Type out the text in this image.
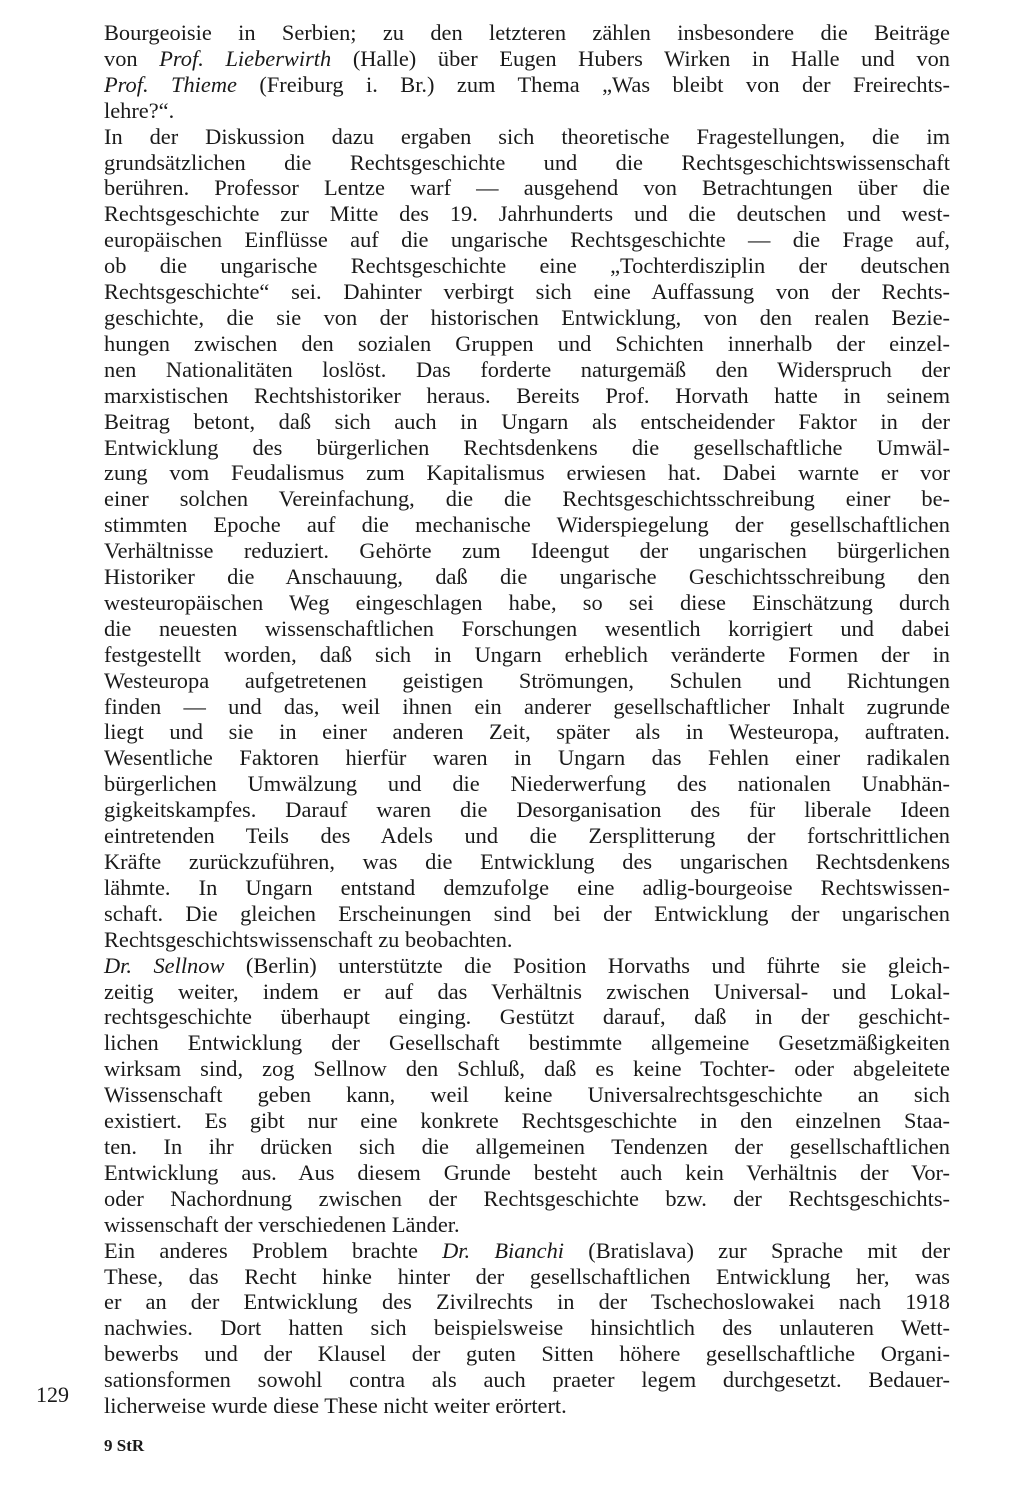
Bourgeoisie in Serbien; zu den letzteren zählen insbesondere die Beiträge
von Prof. Lieberwirth (Halle) über Eugen Hubers Wirken in Halle und von
Prof. Thieme (Freiburg i. Br.) zum Thema „Was bleibt von der Freirechts-
lehre?“.
In der Diskussion dazu ergaben sich theoretische Fragestellungen, die im
grundsätzlichen die Rechtsgeschichte und die Rechtsgeschichtswissenschaft
berühren. Professor Lentze warf — ausgehend von Betrachtungen über die
Rechtsgeschichte zur Mitte des 19. Jahrhunderts und die deutschen und west-
europäischen Einflüsse auf die ungarische Rechtsgeschichte — die Frage auf,
ob die ungarische Rechtsgeschichte eine „Tochterdisziplin der deutschen
Rechtsgeschichte“ sei. Dahinter verbirgt sich eine Auffassung von der Rechts-
geschichte, die sie von der historischen Entwicklung, von den realen Bezie-
hungen zwischen den sozialen Gruppen und Schichten innerhalb der einzel-
nen Nationalitäten loslöst. Das forderte naturgemäß den Widerspruch der
marxistischen Rechtshistoriker heraus. Bereits Prof. Horvath hatte in seinem
Beitrag betont, daß sich auch in Ungarn als entscheidender Faktor in der
Entwicklung des bürgerlichen Rechtsdenkens die gesellschaftliche Umwäl-
zung vom Feudalismus zum Kapitalismus erwiesen hat. Dabei warnte er vor
einer solchen Vereinfachung, die die Rechtsgeschichtsschreibung einer be-
stimmten Epoche auf die mechanische Widerspiegelung der gesellschaftlichen
Verhältnisse reduziert. Gehörte zum Ideengut der ungarischen bürgerlichen
Historiker die Anschauung, daß die ungarische Geschichtsschreibung den
westeuropäischen Weg eingeschlagen habe, so sei diese Einschätzung durch
die neuesten wissenschaftlichen Forschungen wesentlich korrigiert und dabei
festgestellt worden, daß sich in Ungarn erheblich veränderte Formen der in
Westeuropa aufgetretenen geistigen Strömungen, Schulen und Richtungen
finden — und das, weil ihnen ein anderer gesellschaftlicher Inhalt zugrunde
liegt und sie in einer anderen Zeit, später als in Westeuropa, auftraten.
Wesentliche Faktoren hierfür waren in Ungarn das Fehlen einer radikalen
bürgerlichen Umwälzung und die Niederwerfung des nationalen Unabhän-
gigkeitskampfes. Darauf waren die Desorganisation des für liberale Ideen
eintretenden Teils des Adels und die Zersplitterung der fortschrittlichen
Kräfte zurückzuführen, was die Entwicklung des ungarischen Rechtsdenkens
lähmte. In Ungarn entstand demzufolge eine adlig-bourgeoise Rechtswissen-
schaft. Die gleichen Erscheinungen sind bei der Entwicklung der ungarischen
Rechtsgeschichtswissenschaft zu beobachten.
Dr. Sellnow (Berlin) unterstützte die Position Horvaths und führte sie gleich-
zeitig weiter, indem er auf das Verhältnis zwischen Universal- und Lokal-
rechtsgeschichte überhaupt einging. Gestützt darauf, daß in der geschicht-
lichen Entwicklung der Gesellschaft bestimmte allgemeine Gesetzmäßigkeiten
wirksam sind, zog Sellnow den Schluß, daß es keine Tochter- oder abgeleitete
Wissenschaft geben kann, weil keine Universalrechtsgeschichte an sich
existiert. Es gibt nur eine konkrete Rechtsgeschichte in den einzelnen Staa-
ten. In ihr drücken sich die allgemeinen Tendenzen der gesellschaftlichen
Entwicklung aus. Aus diesem Grunde besteht auch kein Verhältnis der Vor-
oder Nachordnung zwischen der Rechtsgeschichte bzw. der Rechtsgeschichts-
wissenschaft der verschiedenen Länder.
Ein anderes Problem brachte Dr. Bianchi (Bratislava) zur Sprache mit der
These, das Recht hinke hinter der gesellschaftlichen Entwicklung her, was
er an der Entwicklung des Zivilrechts in der Tschechoslowakei nach 1918
nachwies. Dort hatten sich beispielsweise hinsichtlich des unlauteren Wett-
bewerbs und der Klausel der guten Sitten höhere gesellschaftliche Organi-
sationsformen sowohl contra als auch praeter legem durchgesetzt. Bedauer-
licherweise wurde diese These nicht weiter erörtert.
129
9 StR
